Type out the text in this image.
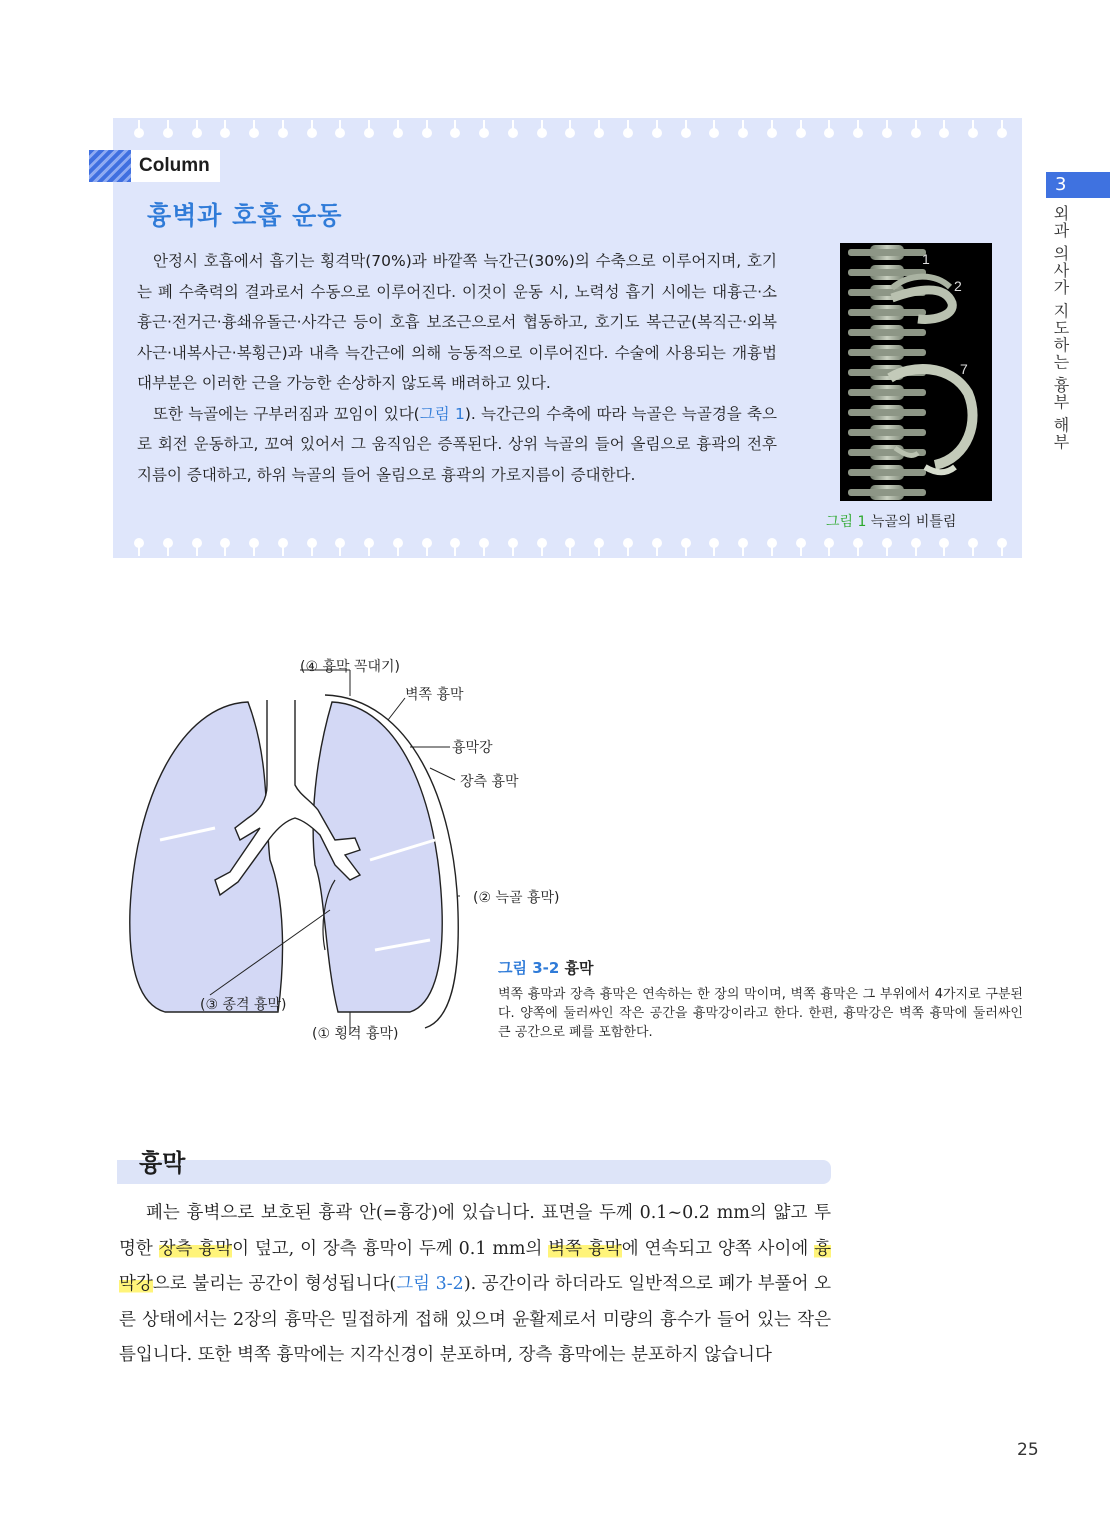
Column
흉벽과 호흡 운동

안정시 호흡에서 흡기는 횡격막(70%)과 바깥쪽 늑간근(30%)의 수축으로 이루어지며, 호기는 폐 수축력의 결과로서 수동으로 이루어진다. 이것이 운동 시, 노력성 흡기 시에는 대흉근·소흉근·전거근·흉쇄유돌근·사각근 등이 호흡 보조근으로서 협동하고, 호기도 복근군(복직근·외복사근·내복사근·복횡근)과 내측 늑간근에 의해 능동적으로 이루어진다. 수술에 사용되는 개흉법 대부분은 이러한 근을 가능한 손상하지 않도록 배려하고 있다.

또한 늑골에는 구부러짐과 꼬임이 있다(그림 1). 늑간근의 수축에 따라 늑골은 늑골경을 축으로 회전 운동하고, 꼬여 있어서 그 움직임은 증폭된다. 상위 늑골의 들어 올림으로 흉곽의 전후 지름이 증대하고, 하위 늑골의 들어 올림으로 흉곽의 가로지름이 증대한다.

1
2
7
그림 1 늑골의 비틀림
3
외과 의사가 지도하는 흉부 해부
(④ 흉막 꼭대기)
벽쪽 흉막
흉막강
장측 흉막
(② 늑골 흉막)
(③ 종격 흉막)
(① 횡격 흉막)
그림 3-2 흉막
벽쪽 흉막과 장측 흉막은 연속하는 한 장의 막이며, 벽쪽 흉막은 그 부위에서 4가지로 구분된다. 양쪽에 둘러싸인 작은 공간을 흉막강이라고 한다. 한편, 흉막강은 벽쪽 흉막에 둘러싸인 큰 공간으로 폐를 포함한다.
흉막
폐는 흉벽으로 보호된 흉곽 안(=흉강)에 있습니다. 표면을 두께 0.1~0.2 mm의 얇고 투명한 장측 흉막이 덮고, 이 장측 흉막이 두께 0.1 mm의 벽쪽 흉막에 연속되고 양쪽 사이에 흉막강으로 불리는 공간이 형성됩니다(그림 3-2). 공간이라 하더라도 일반적으로 폐가 부풀어 오른 상태에서는 2장의 흉막은 밀접하게 접해 있으며 윤활제로서 미량의 흉수가 들어 있는 작은 틈입니다. 또한 벽쪽 흉막에는 지각신경이 분포하며, 장측 흉막에는 분포하지 않습니다
25
